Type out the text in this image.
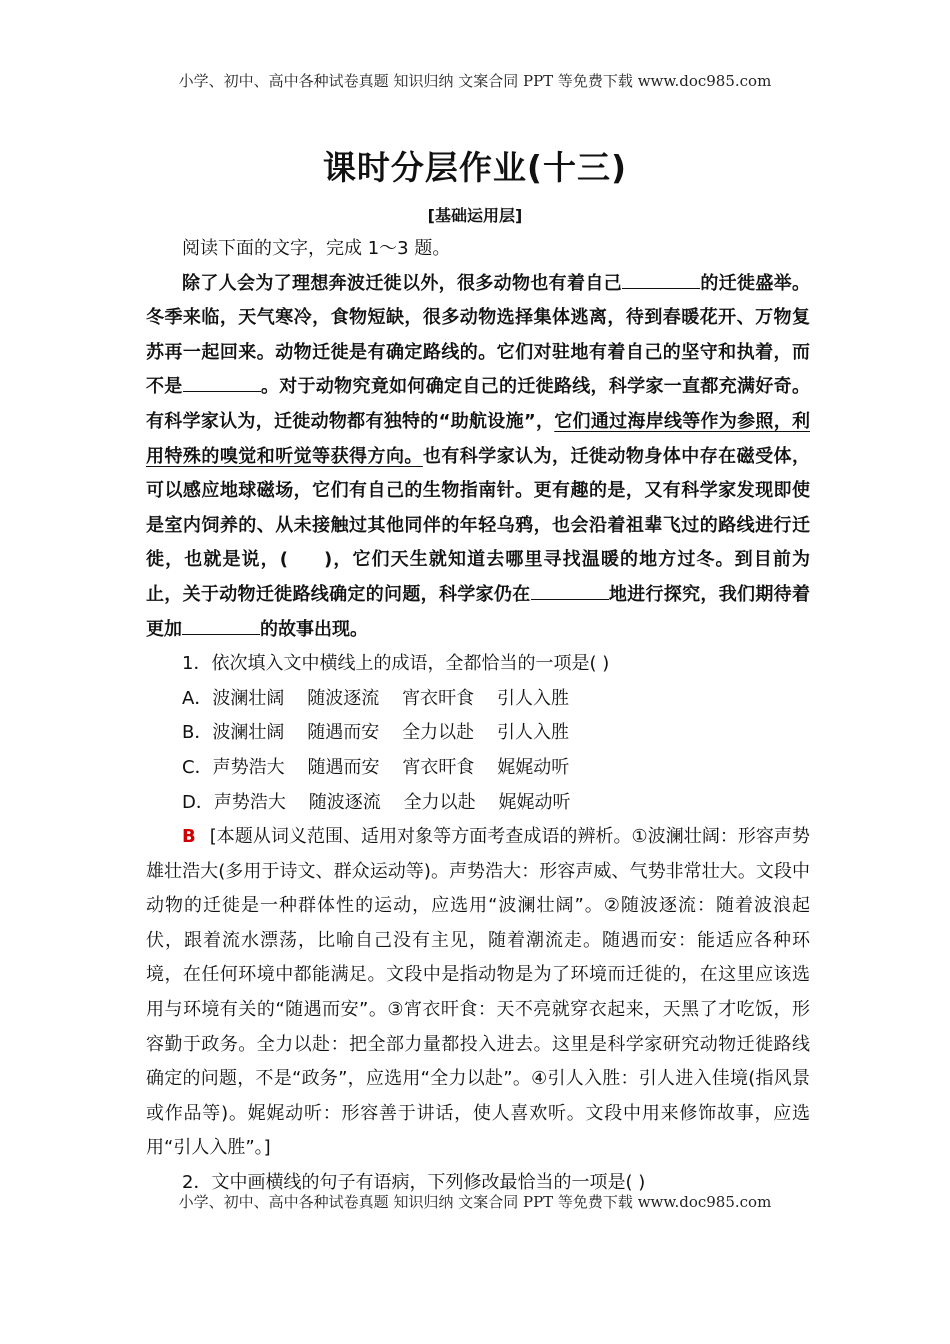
小学、初中、高中各种试卷真题 知识归纳 文案合同 PPT 等免费下载 www.doc985.com
课时分层作业(十三)
[基础运用层]

阅读下面的文字，完成 1～3 题。

除了人会为了理想奔波迁徙以外，很多动物也有着自己	的迁徙盛举。冬季来临，天气寒冷，食物短缺，很多动物选择集体逃离，待到春暖花开、万物复苏再一起回来。动物迁徙是有确定路线的。它们对驻地有着自己的坚守和执着，而不是	。对于动物究竟如何确定自己的迁徙路线，科学家一直都充满好奇。有科学家认为，迁徙动物都有独特的“助航设施”，它们通过海岸线等作为参照，利用特殊的嗅觉和听觉等获得方向。也有科学家认为，迁徙动物身体中存在磁受体，可以感应地球磁场，它们有自己的生物指南针。更有趣的是，又有科学家发现即使是室内饲养的、从未接触过其他同伴的年轻乌鸦，也会沿着祖辈飞过的路线进行迁徙，也就是说，( )，它们天生就知道去哪里寻找温暖的地方过冬。到目前为止，关于动物迁徙路线确定的问题，科学家仍在	地进行探究，我们期待着更加	的故事出现。

1．依次填入文中横线上的成语，全都恰当的一项是( )

A．波澜壮阔    随波逐流    宵衣旰食    引人入胜

B．波澜壮阔    随遇而安    全力以赴    引人入胜

C．声势浩大    随遇而安    宵衣旰食    娓娓动听

D．声势浩大    随波逐流    全力以赴    娓娓动听

B [本题从词义范围、适用对象等方面考查成语的辨析。①波澜壮阔：形容声势雄壮浩大(多用于诗文、群众运动等)。声势浩大：形容声威、气势非常壮大。文段中动物的迁徙是一种群体性的运动，应选用“波澜壮阔”。②随波逐流：随着波浪起伏，跟着流水漂荡，比喻自己没有主见，随着潮流走。随遇而安：能适应各种环境，在任何环境中都能满足。文段中是指动物是为了环境而迁徙的，在这里应该选用与环境有关的“随遇而安”。③宵衣旰食：天不亮就穿衣起来，天黑了才吃饭，形容勤于政务。全力以赴：把全部力量都投入进去。这里是科学家研究动物迁徙路线确定的问题，不是“政务”，应选用“全力以赴”。④引人入胜：引人进入佳境(指风景或作品等)。娓娓动听：形容善于讲话，使人喜欢听。文段中用来修饰故事，应选用“引人入胜”。]

2．文中画横线的句子有语病，下列修改最恰当的一项是( )

小学、初中、高中各种试卷真题 知识归纳 文案合同 PPT 等免费下载 www.doc985.com
